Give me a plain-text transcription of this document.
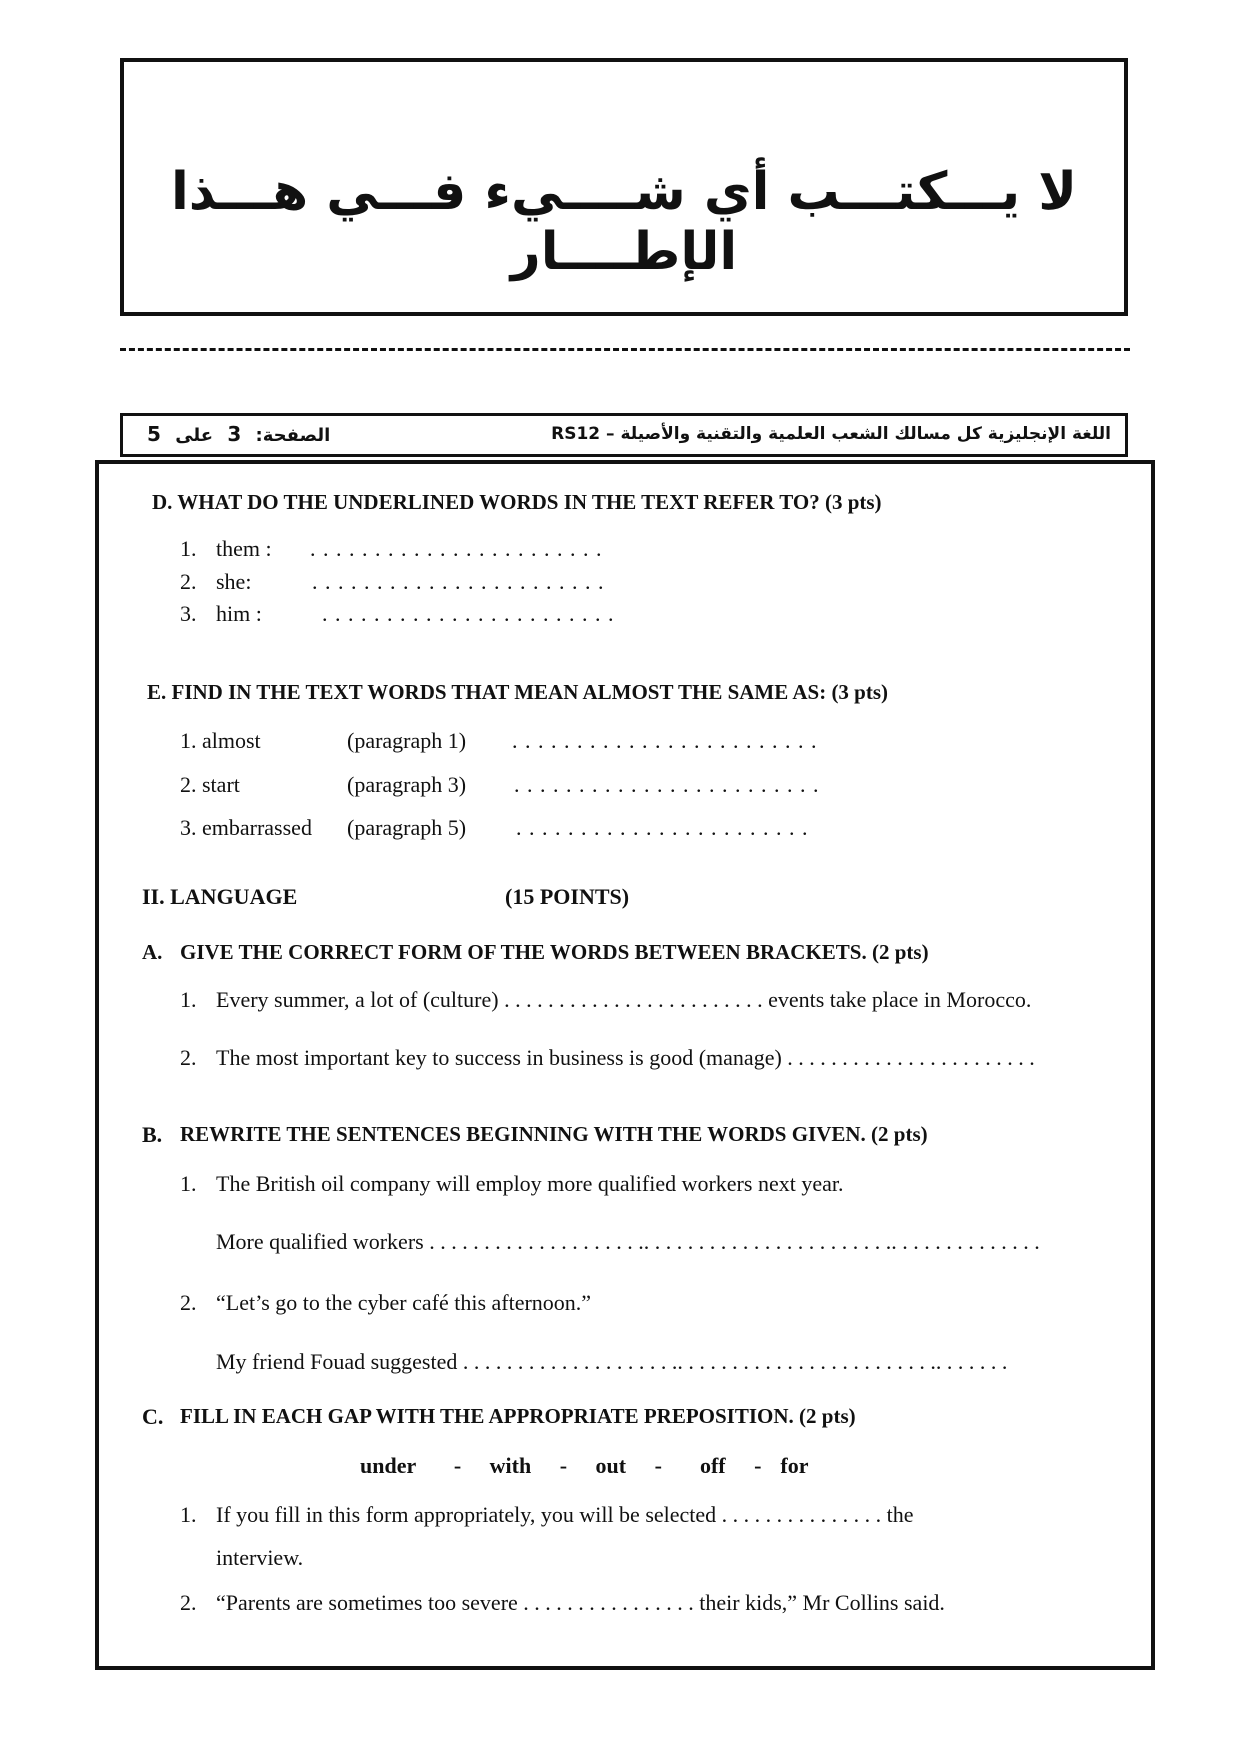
لا يـــكتـــب أي شــــيء فـــي هـــذا الإطــــار
اللغة الإنجليزية كل مسالك الشعب العلمية والتقنية والأصيلة – RS12
الصفحة: 3 على 5
D. WHAT DO THE UNDERLINED WORDS IN THE TEXT REFER TO? (3 pts)
1. them : . . . . . . . . . . . . . . . . . . . . . . .
2. she:	. . . . . . . . . . . . . . . . . . . . . . .
3. him :	. . . . . . . . . . . . . . . . . . . . . . .
E. FIND IN THE TEXT WORDS THAT MEAN ALMOST THE SAME AS: (3 pts)
1. almost	(paragraph 1) . . . . . . . . . . . . . . . . . . . . . . . .
2. start	(paragraph 3) . . . . . . . . . . . . . . . . . . . . . . . .
3. embarrassed (paragraph 5) . . . . . . . . . . . . . . . . . . . . . . .
II. LANGUAGE	(15 POINTS)
A. GIVE THE CORRECT FORM OF THE WORDS BETWEEN BRACKETS. (2 pts)
1. Every summer, a lot of (culture) . . . . . . . . . . . . . . . . . . . . . . . . events take place in Morocco.
2. The most important key to success in business is good (manage) . . . . . . . . . . . . . . . . . . . . . . .
B. REWRITE THE SENTENCES BEGINNING WITH THE WORDS GIVEN. (2 pts)
1. The British oil company will employ more qualified workers next year.
More qualified workers . . . . . . . . . . . . . . . . . . . .. . . . . . . . . . . . . . . . . . . . . . .. . . . . . . . . . . . . .
2. “Let’s go to the cyber café this afternoon.”
My friend Fouad suggested . . . . . . . . . . . . . . . . . . . .. . . . . . . . . . . . . . . . . . . . . . . .. . . . . . .
C. FILL IN EACH GAP WITH THE APPROPRIATE PREPOSITION. (2 pts)
under    -   with   -   out   -    off   -  for
1. If you fill in this form appropriately, you will be selected . . . . . . . . . . . . . . . the
interview.
2. “Parents are sometimes too severe . . . . . . . . . . . . . . . . their kids,” Mr Collins said.
